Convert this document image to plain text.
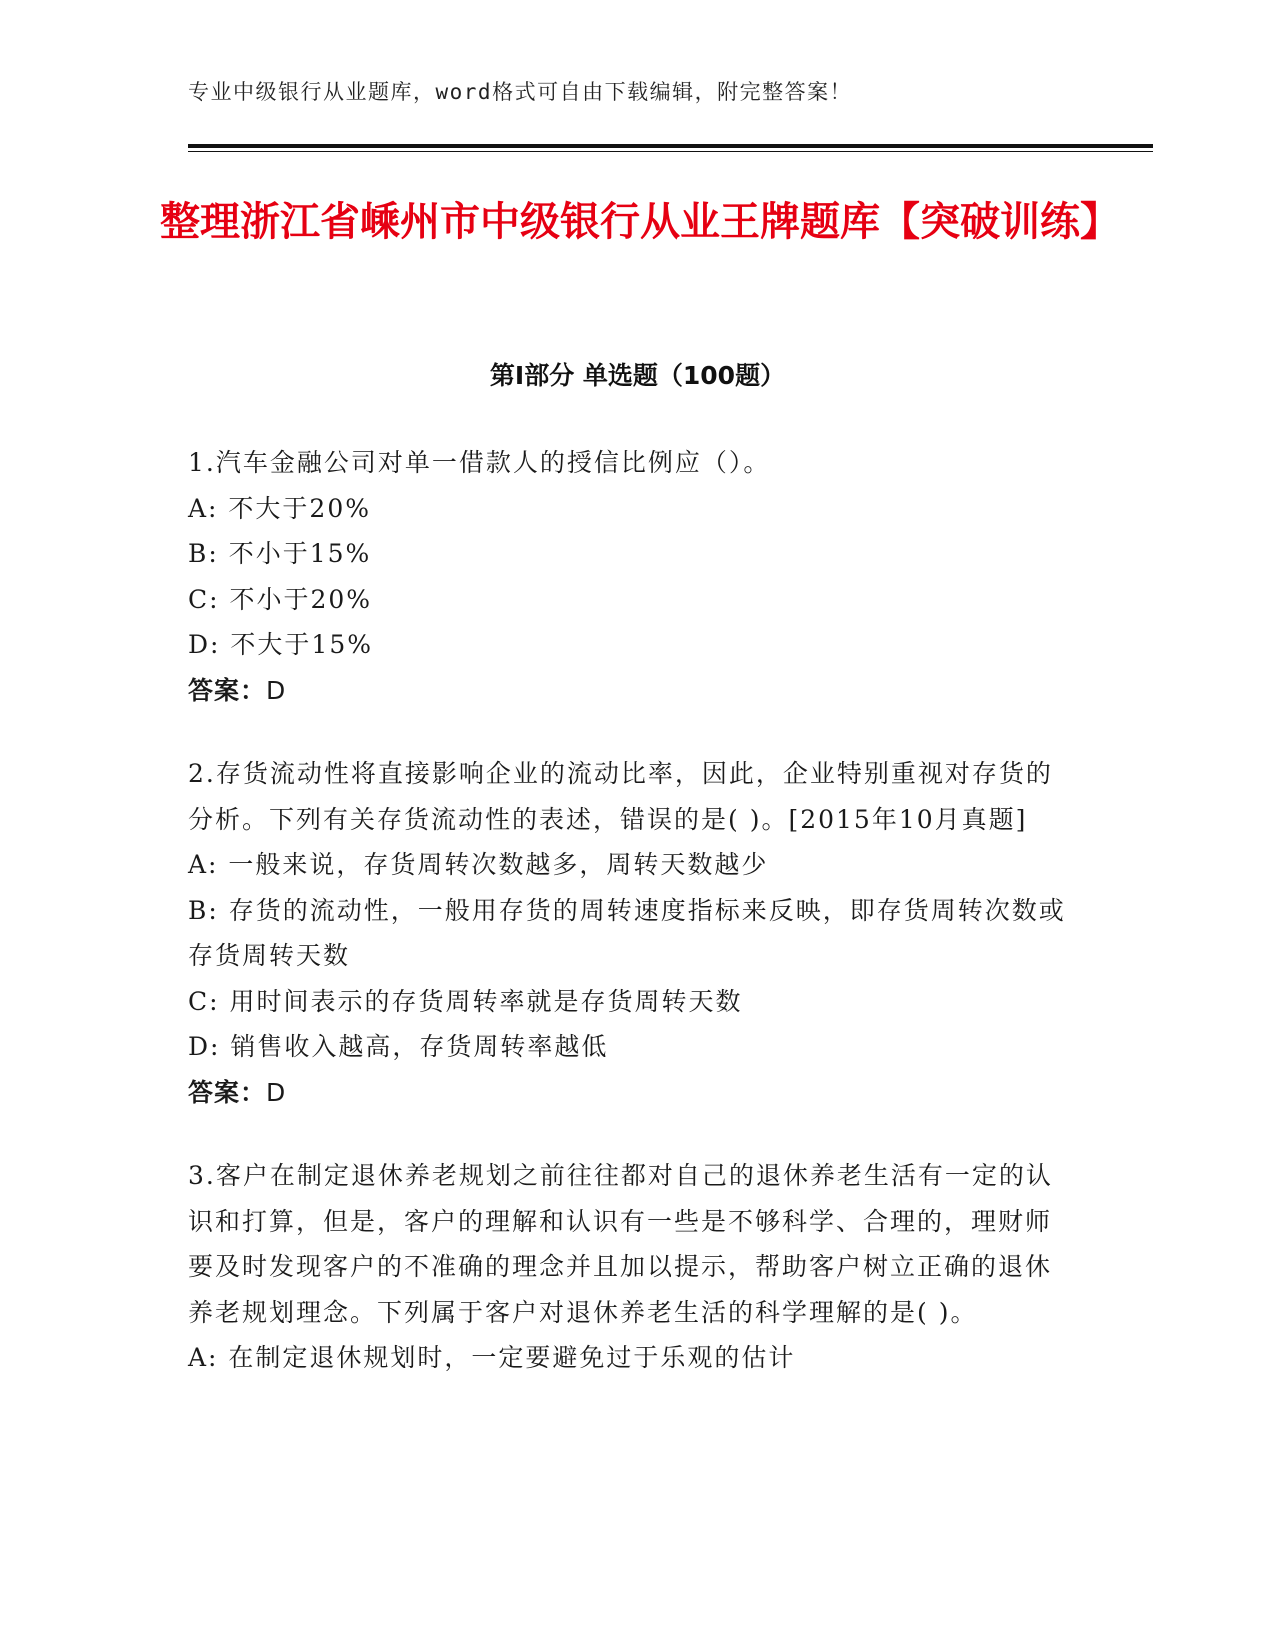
专业中级银行从业题库，word格式可自由下载编辑，附完整答案！
整理浙江省嵊州市中级银行从业王牌题库【突破训练】
第Ⅰ部分 单选题（100题）

1.汽车金融公司对单一借款人的授信比例应（）。

A: 不大于20%

B: 不小于15%

C: 不小于20%

D: 不大于15%

答案：D

2.存货流动性将直接影响企业的流动比率，因此，企业特别重视对存货的分析。下列有关存货流动性的表述，错误的是( )。[2015年10月真题]

A: 一般来说，存货周转次数越多，周转天数越少

B: 存货的流动性，一般用存货的周转速度指标来反映，即存货周转次数或存货周转天数

C: 用时间表示的存货周转率就是存货周转天数

D: 销售收入越高，存货周转率越低

答案：D

3.客户在制定退休养老规划之前往往都对自己的退休养老生活有一定的认识和打算，但是，客户的理解和认识有一些是不够科学、合理的，理财师要及时发现客户的不准确的理念并且加以提示，帮助客户树立正确的退休养老规划理念。下列属于客户对退休养老生活的科学理解的是( )。

A: 在制定退休规划时，一定要避免过于乐观的估计
